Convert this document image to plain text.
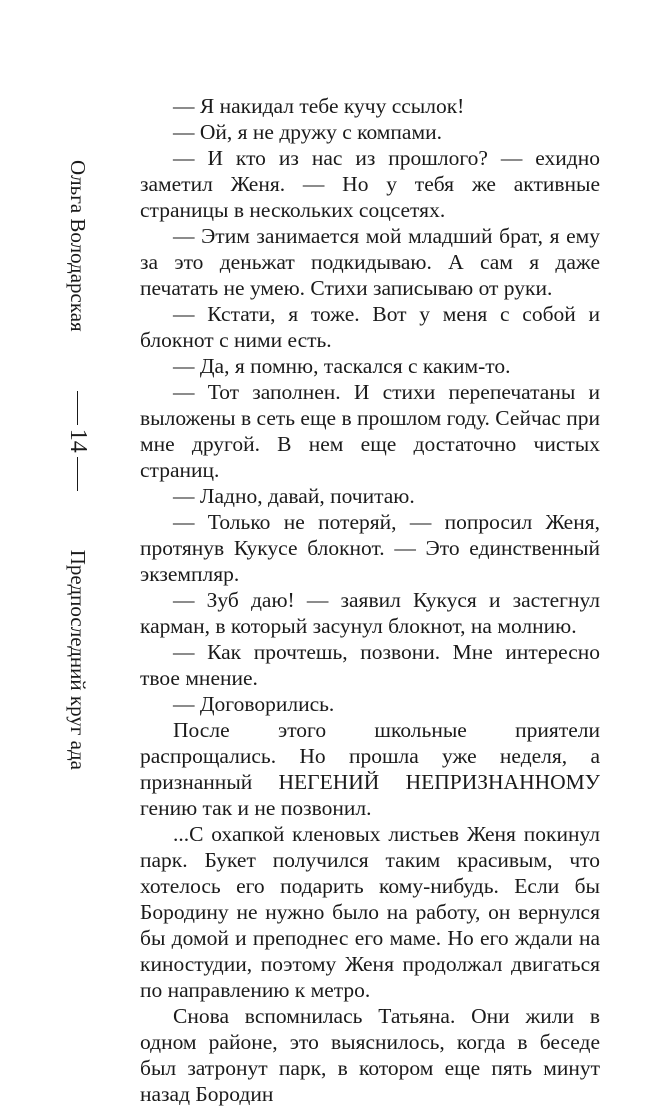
Ольга Володарская
14
Предпоследний круг ада

— Я накидал тебе кучу ссылок!

— Ой, я не дружу с компами.

— И кто из нас из прошлого? — ехидно заметил Женя. — Но у тебя же активные страницы в нескольких соцсетях.

— Этим занимается мой младший брат, я ему за это деньжат подкидываю. А сам я даже печатать не умею. Стихи записываю от руки.

— Кстати, я тоже. Вот у меня с собой и блокнот с ними есть.

— Да, я помню, таскался с каким-то.

— Тот заполнен. И стихи перепечатаны и выложены в сеть еще в прошлом году. Сейчас при мне другой. В нем еще достаточно чистых страниц.

— Ладно, давай, почитаю.

— Только не потеряй, — попросил Женя, протянув Кукусе блокнот. — Это единственный экземпляр.

— Зуб даю! — заявил Кукуся и застегнул карман, в который засунул блокнот, на молнию.

— Как прочтешь, позвони. Мне интересно твое мнение.

— Договорились.

После этого школьные приятели распрощались. Но прошла уже неделя, а признанный НЕГЕНИЙ НЕПРИЗНАННОМУ гению так и не позвонил.

...С охапкой кленовых листьев Женя покинул парк. Букет получился таким красивым, что хотелось его подарить кому-нибудь. Если бы Бородину не нужно было на работу, он вернулся бы домой и преподнес его маме. Но его ждали на киностудии, поэтому Женя продолжал двигаться по направлению к метро.

Снова вспомнилась Татьяна. Они жили в одном районе, это выяснилось, когда в беседе был затронут парк, в котором еще пять минут назад Бородин
